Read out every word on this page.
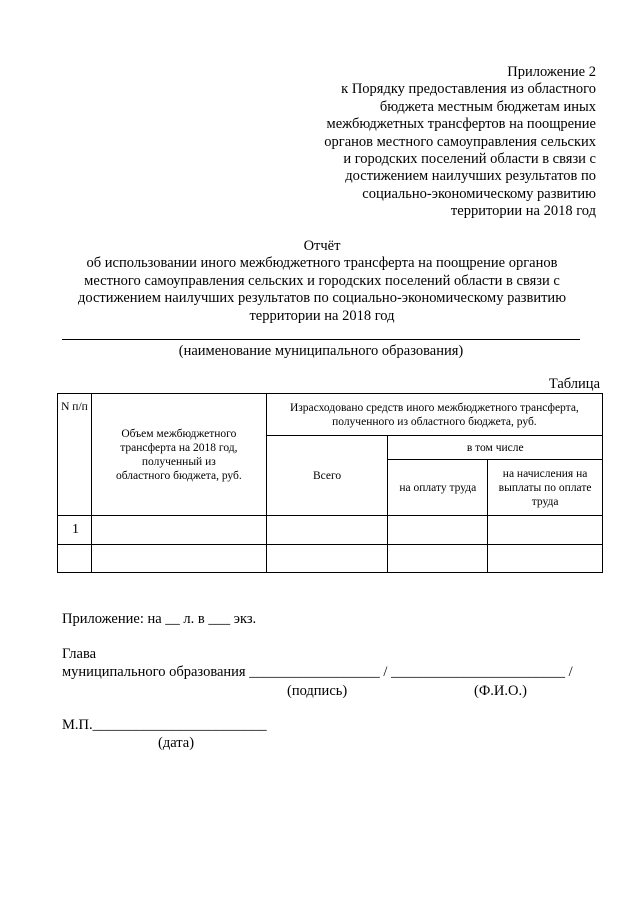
Приложение 2
к Порядку предоставления из областного
бюджета местным бюджетам иных
межбюджетных трансфертов на поощрение
органов местного самоуправления сельских
и городских поселений области в связи с
достижением наилучших результатов по
социально-экономическому развитию
территории на 2018 год
Отчёт
об использовании иного межбюджетного трансферта на поощрение органов
местного самоуправления сельских и городских поселений области в связи с
достижением наилучших результатов по социально-экономическому развитию
территории на 2018 год
(наименование муниципального образования)
Таблица
N п/п	Объем межбюджетного трансферта на 2018 год, полученный из областного бюджета, руб.	Израсходовано средств иного межбюджетного трансферта, полученного из областного бюджета, руб.		
		Всего	в том числе	
			на оплату труда	на начисления на выплаты по оплате труда
1				

Приложение: на __ л. в ___ экз.
Глава
муниципального образования __________________ / ________________________ /
(подпись)	(Ф.И.О.)
М.П.________________________
(дата)
